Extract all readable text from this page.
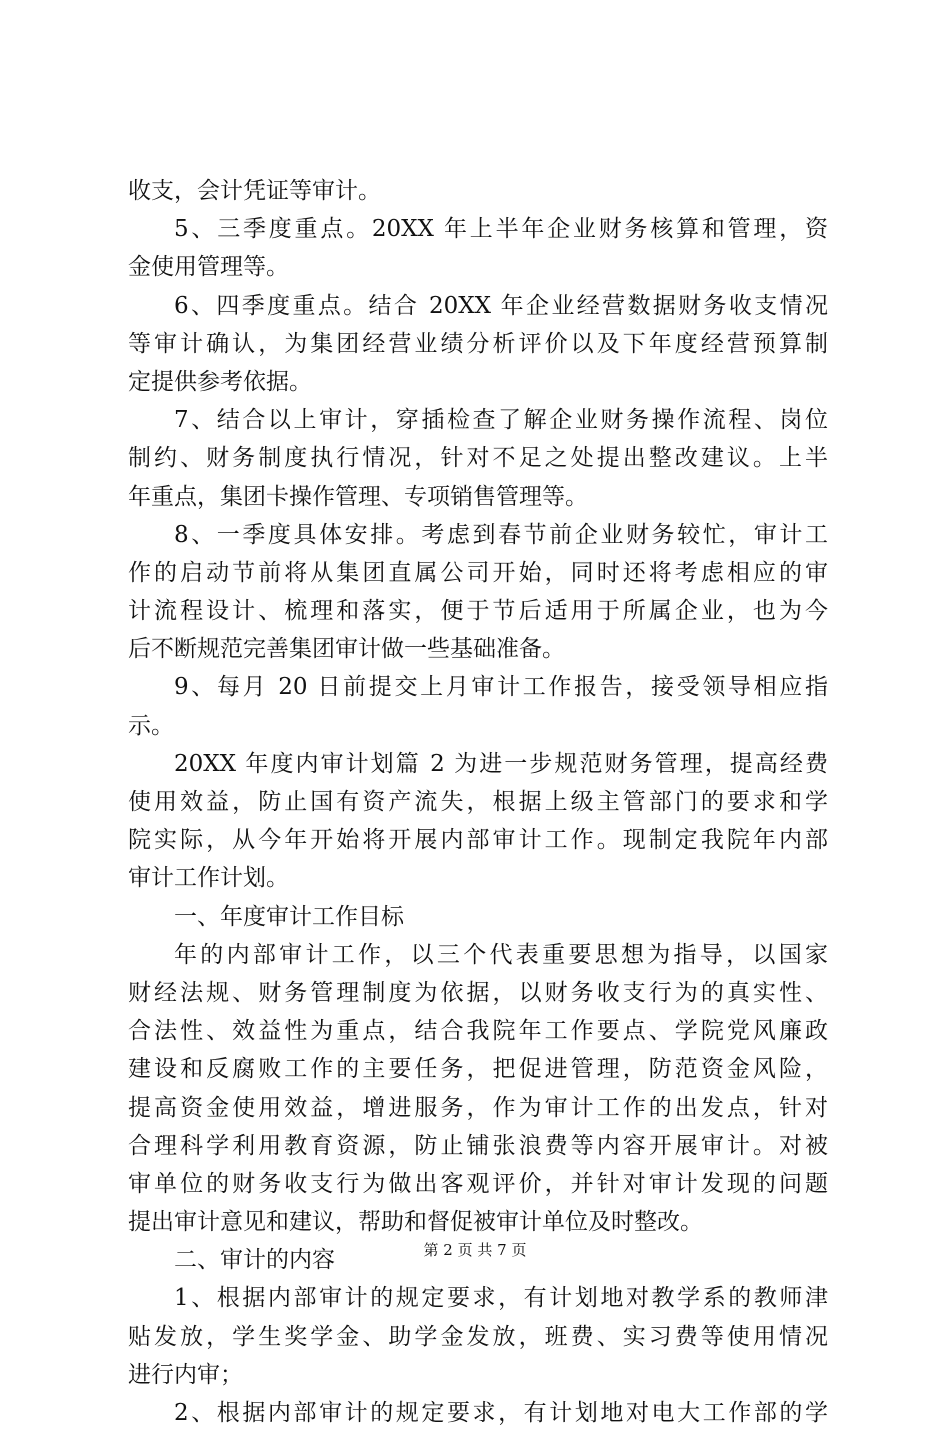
收支，会计凭证等审计。
5、三季度重点。20XX 年上半年企业财务核算和管理，资
金使用管理等。
6、四季度重点。结合 20XX 年企业经营数据财务收支情况
等审计确认，为集团经营业绩分析评价以及下年度经营预算制
定提供参考依据。
7、结合以上审计，穿插检查了解企业财务操作流程、岗位
制约、财务制度执行情况，针对不足之处提出整改建议。上半
年重点，集团卡操作管理、专项销售管理等。
8、一季度具体安排。考虑到春节前企业财务较忙，审计工
作的启动节前将从集团直属公司开始，同时还将考虑相应的审
计流程设计、梳理和落实，便于节后适用于所属企业，也为今
后不断规范完善集团审计做一些基础准备。
9、每月 20 日前提交上月审计工作报告，接受领导相应指
示。
20XX 年度内审计划篇 2 为进一步规范财务管理，提高经费
使用效益，防止国有资产流失，根据上级主管部门的要求和学
院实际，从今年开始将开展内部审计工作。现制定我院年内部
审计工作计划。
一、年度审计工作目标
年的内部审计工作，以三个代表重要思想为指导，以国家
财经法规、财务管理制度为依据，以财务收支行为的真实性、
合法性、效益性为重点，结合我院年工作要点、学院党风廉政
建设和反腐败工作的主要任务，把促进管理，防范资金风险，
提高资金使用效益，增进服务，作为审计工作的出发点，针对
合理科学利用教育资源，防止铺张浪费等内容开展审计。对被
审单位的财务收支行为做出客观评价，并针对审计发现的问题
提出审计意见和建议，帮助和督促被审计单位及时整改。
二、审计的内容
1、根据内部审计的规定要求，有计划地对教学系的教师津
贴发放，学生奖学金、助学金发放，班费、实习费等使用情况
进行内审；
2、根据内部审计的规定要求，有计划地对电大工作部的学
第 2 页 共 7 页
